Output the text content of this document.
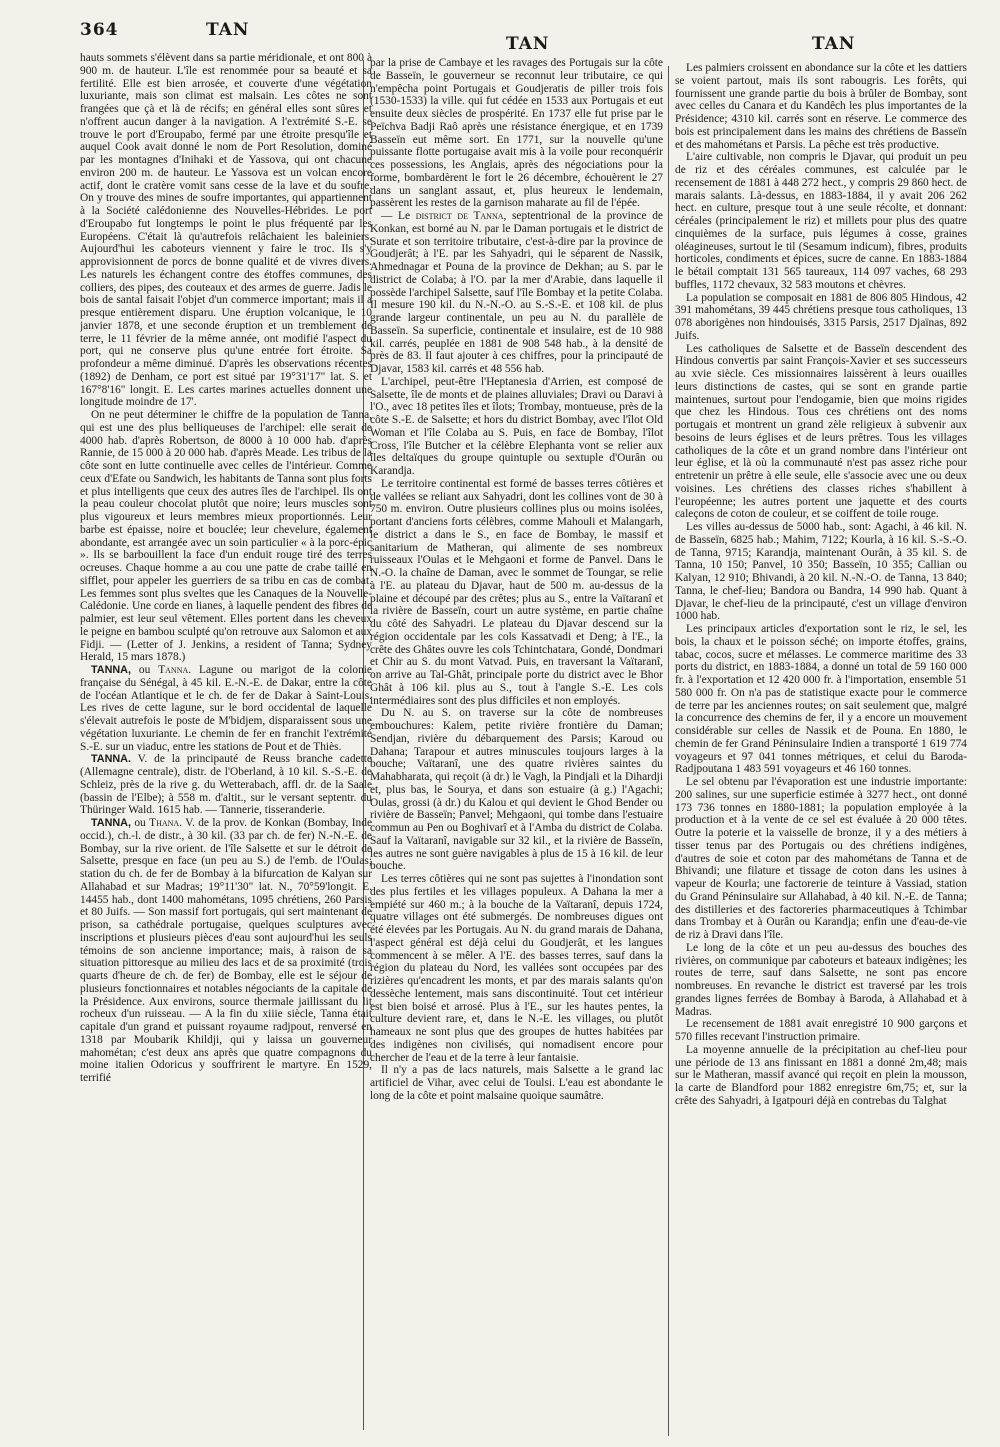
364	TAN
TAN	TAN

hauts sommets s'élèvent dans sa partie méridionale, et ont 800 à 900 m. de hauteur. L'île est renommée pour sa beauté et sa fertilité. Elle est bien arrosée, et couverte d'une végétation luxuriante, mais son climat est malsain. Les côtes ne sont frangées que çà et là de récifs; en général elles sont sûres et n'offrent aucun danger à la navigation. A l'extrémité S.-E. se trouve le port d'Eroupabo, fermé par une étroite presqu'île et auquel Cook avait donné le nom de Port Resolution, dominé par les montagnes d'Inihaki et de Yassova, qui ont chacune environ 200 m. de hauteur. Le Yassova est un volcan encore actif, dont le cratère vomit sans cesse de la lave et du soufre. On y trouve des mines de soufre importantes, qui appartiennent à la Société calédonienne des Nouvelles-Hébrides. Le port d'Eroupabo fut longtemps le point le plus fréquenté par les Européens. C'était là qu'autrefois relâchaient les baleiniers. Aujourd'hui les caboteurs viennent y faire le troc. Ils s'y approvisionnent de porcs de bonne qualité et de vivres divers. Les naturels les échangent contre des étoffes communes, des colliers, des pipes, des couteaux et des armes de guerre. Jadis le bois de santal faisait l'objet d'un commerce important; mais il a presque entièrement disparu. Une éruption volcanique, le 10 janvier 1878, et une seconde éruption et un tremblement de terre, le 11 février de la même année, ont modifié l'aspect du port, qui ne conserve plus qu'une entrée fort étroite. Sa profondeur a même diminué. D'après les observations récentes (1892) de Denham, ce port est situé par 19°31'17" lat. S. et 167°8'16" longit. E. Les cartes marines actuelles donnent une longitude moindre de 17'.

On ne peut déterminer le chiffre de la population de Tanna, qui est une des plus belliqueuses de l'archipel: elle serait de 4000 hab. d'après Robertson, de 8000 à 10 000 hab. d'après Rannie, de 15 000 à 20 000 hab. d'après Meade. Les tribus de la côte sont en lutte continuelle avec celles de l'intérieur. Comme ceux d'Efate ou Sandwich, les habitants de Tanna sont plus forts et plus intelligents que ceux des autres îles de l'archipel. Ils ont la peau couleur chocolat plutôt que noire; leurs muscles sont plus vigoureux et leurs membres mieux proportionnés. Leur barbe est épaisse, noire et bouclée; leur chevelure, également abondante, est arrangée avec un soin particulier « à la porc-épic ». Ils se barbouillent la face d'un enduit rouge tiré des terres ocreuses. Chaque homme a au cou une patte de crabe taillé en sifflet, pour appeler les guerriers de sa tribu en cas de combat. Les femmes sont plus sveltes que les Canaques de la Nouvelle-Calédonie. Une corde en lianes, à laquelle pendent des fibres de palmier, est leur seul vêtement. Elles portent dans les cheveux le peigne en bambou sculpté qu'on retrouve aux Salomon et aux Fidji. — (Letter of J. Jenkins, a resident of Tanna; Sydney Herald, 15 mars 1878.)

TANNA, ou Tanna. Lagune ou marigot de la colonie française du Sénégal, à 45 kil. E.-N.-E. de Dakar, entre la côte de l'océan Atlantique et le ch. de fer de Dakar à Saint-Louis. Les rives de cette lagune, sur le bord occidental de laquelle s'élevait autrefois le poste de M'bidjem, disparaissent sous une végétation luxuriante. Le chemin de fer en franchit l'extrémité S.-E. sur un viaduc, entre les stations de Pout et de Thiès.

TANNA. V. de la principauté de Reuss branche cadette (Allemagne centrale), distr. de l'Oberland, à 10 kil. S.-S.-E. de Schleiz, près de la rive g. du Wetterabach, affl. dr. de la Saale (bassin de l'Elbe); à 558 m. d'altit., sur le versant septentr. du Thüringer Wald. 1615 hab. — Tannerie, tisseranderie.

TANNA, ou Thana. V. de la prov. de Konkan (Bombay, Inde occid.), ch.-l. de distr., à 30 kil. (33 par ch. de fer) N.-N.-E. de Bombay, sur la rive orient. de l'île Salsette et sur le détroit de Salsette, presque en face (un peu au S.) de l'emb. de l'Oulas; station du ch. de fer de Bombay à la bifurcation de Kalyan sur Allahabad et sur Madras; 19°11'30" lat. N., 70°59'longit. E. 14455 hab., dont 1400 mahométans, 1095 chrétiens, 260 Parsis et 80 Juifs. — Son massif fort portugais, qui sert maintenant de prison, sa cathédrale portugaise, quelques sculptures avec inscriptions et plusieurs pièces d'eau sont aujourd'hui les seuls témoins de son ancienne importance; mais, à raison de sa situation pittoresque au milieu des lacs et de sa proximité (trois quarts d'heure de ch. de fer) de Bombay, elle est le séjour de plusieurs fonctionnaires et notables négociants de la capitale de la Présidence. Aux environs, source thermale jaillissant du lit rocheux d'un ruisseau. — A la fin du xiiie siècle, Tanna était capitale d'un grand et puissant royaume radjpout, renversé en 1318 par Moubarik Khildji, qui y laissa un gouverneur mahométan; c'est deux ans après que quatre compagnons du moine italien Odoricus y souffrirent le martyre. En 1529, terrifié

par la prise de Cambaye et les ravages des Portugais sur la côte de Basseïn, le gouverneur se reconnut leur tributaire, ce qui n'empêcha point Portugais et Goudjeratis de piller trois fois (1530-1533) la ville. qui fut cédée en 1533 aux Portugais et eut ensuite deux siècles de prospérité. En 1737 elle fut prise par le Peïchva Badji Raô après une résistance énergique, et en 1739 Basseïn eut même sort. En 1771, sur la nouvelle qu'une puissante flotte portugaise avait mis à la voile pour reconquérir ces possessions, les Anglais, après des négociations pour la forme, bombardèrent le fort le 26 décembre, échouèrent le 27 dans un sanglant assaut, et, plus heureux le lendemain, passèrent les restes de la garnison maharate au fil de l'épée.

— Le district de Tanna, septentrional de la province de Konkan, est borné au N. par le Daman portugais et le district de Surate et son territoire tributaire, c'est-à-dire par la province de Goudjerât; à l'E. par les Sahyadri, qui le séparent de Nassik, Ahmednagar et Pouna de la province de Dekhan; au S. par le district de Colaba; à l'O. par la mer d'Arabie, dans laquelle il possède l'archipel Salsette, sauf l'île Bombay et la petite Colaba. Il mesure 190 kil. du N.-N.-O. au S.-S.-E. et 108 kil. de plus grande largeur continentale, un peu au N. du parallèle de Basseïn. Sa superficie, continentale et insulaire, est de 10 988 kil. carrés, peuplée en 1881 de 908 548 hab., à la densité de près de 83. Il faut ajouter à ces chiffres, pour la principauté de Djavar, 1583 kil. carrés et 48 556 hab.

L'archipel, peut-être l'Heptanesia d'Arrien, est composé de Salsette, île de monts et de plaines alluviales; Dravi ou Daravi à l'O., avec 18 petites îles et îlots; Trombay, montueuse, près de la côte S.-E. de Salsette; et hors du district Bombay, avec l'îlot Old Woman et l'île Colaba au S. Puis, en face de Bombay, l'îlot Cross, l'île Butcher et la célèbre Elephanta vont se relier aux îles deltaïques du groupe quintuple ou sextuple d'Ourân ou Karandja.

Le territoire continental est formé de basses terres côtières et de vallées se reliant aux Sahyadri, dont les collines vont de 30 à 750 m. environ. Outre plusieurs collines plus ou moins isolées, portant d'anciens forts célèbres, comme Mahouli et Malangarh, le district a dans le S., en face de Bombay, le massif et sanitarium de Matheran, qui alimente de ses nombreux ruisseaux l'Oulas et le Mehgaoni et forme de Panvel. Dans le N.-O. la chaîne de Daman, avec le sommet de Toungar, se relie à l'E. au plateau du Djavar, haut de 500 m. au-dessus de la plaine et découpé par des crêtes; plus au S., entre la Vaïtaranî et la rivière de Basseïn, court un autre système, en partie chaîne du côté des Sahyadri. Le plateau du Djavar descend sur la région occidentale par les cols Kassatvadi et Deng; à l'E., la crête des Ghâtes ouvre les cols Tchintchatara, Gondé, Dondmari et Chir au S. du mont Vatvad. Puis, en traversant la Vaïtaranî, on arrive au Tal-Ghât, principale porte du district avec le Bhor Ghât à 106 kil. plus au S., tout à l'angle S.-E. Les cols intermédiaires sont des plus difficiles et non employés.

Du N. au S. on traverse sur la côte de nombreuses embouchures: Kalem, petite rivière frontière du Daman; Sendjan, rivière du débarquement des Parsis; Karoud ou Dahana; Tarapour et autres minuscules toujours larges à la bouche; Vaïtaranî, une des quatre rivières saintes du Mahabharata, qui reçoit (à dr.) le Vagh, la Pindjali et la Dihardji et, plus bas, le Sourya, et dans son estuaire (à g.) l'Agachi; Oulas, grossi (à dr.) du Kalou et qui devient le Ghod Bender ou rivière de Basseïn; Panvel; Mehgaoni, qui tombe dans l'estuaire commun au Pen ou Boghivarî et à l'Amba du district de Colaba. Sauf la Vaïtaranî, navigable sur 32 kil., et la rivière de Basseïn, les autres ne sont guère navigables à plus de 15 à 16 kil. de leur bouche.

Les terres côtières qui ne sont pas sujettes à l'inondation sont des plus fertiles et les villages populeux. A Dahana la mer a empiété sur 460 m.; à la bouche de la Vaïtaranî, depuis 1724, quatre villages ont été submergés. De nombreuses digues ont été élevées par les Portugais. Au N. du grand marais de Dahana, l'aspect général est déjà celui du Goudjerât, et les langues commencent à se mêler. A l'E. des basses terres, sauf dans la région du plateau du Nord, les vallées sont occupées par des rizières qu'encadrent les monts, et par des marais salants qu'on dessèche lentement, mais sans discontinuité. Tout cet intérieur est bien boisé et arrosé. Plus à l'E., sur les hautes pentes, la culture devient rare, et, dans le N.-E. les villages, ou plutôt hameaux ne sont plus que des groupes de huttes habitées par des indigènes non civilisés, qui nomadisent encore pour chercher de l'eau et de la terre à leur fantaisie.

Il n'y a pas de lacs naturels, mais Salsette a le grand lac artificiel de Vihar, avec celui de Toulsi. L'eau est abondante le long de la côte et point malsaine quoique saumâtre.

Les palmiers croissent en abondance sur la côte et les dattiers se voient partout, mais ils sont rabougris. Les forêts, qui fournissent une grande partie du bois à brûler de Bombay, sont avec celles du Canara et du Kandêch les plus importantes de la Présidence; 4310 kil. carrés sont en réserve. Le commerce des bois est principalement dans les mains des chrétiens de Basseïn et des mahométans et Parsis. La pêche est très productive.

L'aire cultivable, non compris le Djavar, qui produit un peu de riz et des céréales communes, est calculée par le recensement de 1881 à 448 272 hect., y compris 29 860 hect. de marais salants. Là-dessus, en 1883-1884, il y avait 206 262 hect. en culture, presque tout à une seule récolte, et donnant: céréales (principalement le riz) et millets pour plus des quatre cinquièmes de la surface, puis légumes à cosse, graines oléagineuses, surtout le til (Sesamum indicum), fibres, produits horticoles, condiments et épices, sucre de canne. En 1883-1884 le bétail comptait 131 565 taureaux, 114 097 vaches, 68 293 buffles, 1172 chevaux, 32 583 moutons et chèvres.

La population se composait en 1881 de 806 805 Hindous, 42 391 mahométans, 39 445 chrétiens presque tous catholiques, 13 078 aborigènes non hindouisés, 3315 Parsis, 2517 Djaïnas, 892 Juifs.

Les catholiques de Salsette et de Basseïn descendent des Hindous convertis par saint François-Xavier et ses successeurs au xvie siècle. Ces missionnaires laissèrent à leurs ouailles leurs distinctions de castes, qui se sont en grande partie maintenues, surtout pour l'endogamie, bien que moins rigides que chez les Hindous. Tous ces chrétiens ont des noms portugais et montrent un grand zèle religieux à subvenir aux besoins de leurs églises et de leurs prêtres. Tous les villages catholiques de la côte et un grand nombre dans l'intérieur ont leur église, et là où la communauté n'est pas assez riche pour entretenir un prêtre à elle seule, elle s'associe avec une ou deux voisines. Les chrétiens des classes riches s'habillent à l'européenne; les autres portent une jaquette et des courts caleçons de coton de couleur, et se coiffent de toile rouge.

Les villes au-dessus de 5000 hab., sont: Agachi, à 46 kil. N. de Basseïn, 6825 hab.; Mahim, 7122; Kourla, à 16 kil. S.-S.-O. de Tanna, 9715; Karandja, maintenant Ourân, à 35 kil. S. de Tanna, 10 150; Panvel, 10 350; Basseïn, 10 355; Callian ou Kalyan, 12 910; Bhivandi, à 20 kil. N.-N.-O. de Tanna, 13 840; Tanna, le chef-lieu; Bandora ou Bandra, 14 990 hab. Quant à Djavar, le chef-lieu de la principauté, c'est un village d'environ 1000 hab.

Les principaux articles d'exportation sont le riz, le sel, les bois, la chaux et le poisson séché; on importe étoffes, grains, tabac, cocos, sucre et mélasses. Le commerce maritime des 33 ports du district, en 1883-1884, a donné un total de 59 160 000 fr. à l'exportation et 12 420 000 fr. à l'importation, ensemble 51 580 000 fr. On n'a pas de statistique exacte pour le commerce de terre par les anciennes routes; on sait seulement que, malgré la concurrence des chemins de fer, il y a encore un mouvement considérable sur celles de Nassik et de Pouna. En 1880, le chemin de fer Grand Péninsulaire Indien a transporté 1 619 774 voyageurs et 97 041 tonnes métriques, et celui du Baroda-Radjpoutana 1 483 591 voyageurs et 46 160 tonnes.

Le sel obtenu par l'évaporation est une industrie importante: 200 salines, sur une superficie estimée à 3277 hect., ont donné 173 736 tonnes en 1880-1881; la population employée à la production et à la vente de ce sel est évaluée à 20 000 têtes. Outre la poterie et la vaisselle de bronze, il y a des métiers à tisser tenus par des Portugais ou des chrétiens indigènes, d'autres de soie et coton par des mahométans de Tanna et de Bhivandi; une filature et tissage de coton dans les usines à vapeur de Kourla; une factorerie de teinture à Vassiad, station du Grand Péninsulaire sur Allahabad, à 40 kil. N.-E. de Tanna; des distilleries et des factoreries pharmaceutiques à Tchimbar dans Trombay et à Ourân ou Karandja; enfin une d'eau-de-vie de riz à Dravi dans l'île.

Le long de la côte et un peu au-dessus des bouches des rivières, on communique par caboteurs et bateaux indigènes; les routes de terre, sauf dans Salsette, ne sont pas encore nombreuses. En revanche le district est traversé par les trois grandes lignes ferrées de Bombay à Baroda, à Allahabad et à Madras.

Le recensement de 1881 avait enregistré 10 900 garçons et 570 filles recevant l'instruction primaire.

La moyenne annuelle de la précipitation au chef-lieu pour une période de 13 ans finissant en 1881 a donné 2m,48; mais sur le Matheran, massif avancé qui reçoit en plein la mousson, la carte de Blandford pour 1882 enregistre 6m,75; et, sur la crête des Sahyadri, à Igatpouri déjà en contrebas du Talghat
